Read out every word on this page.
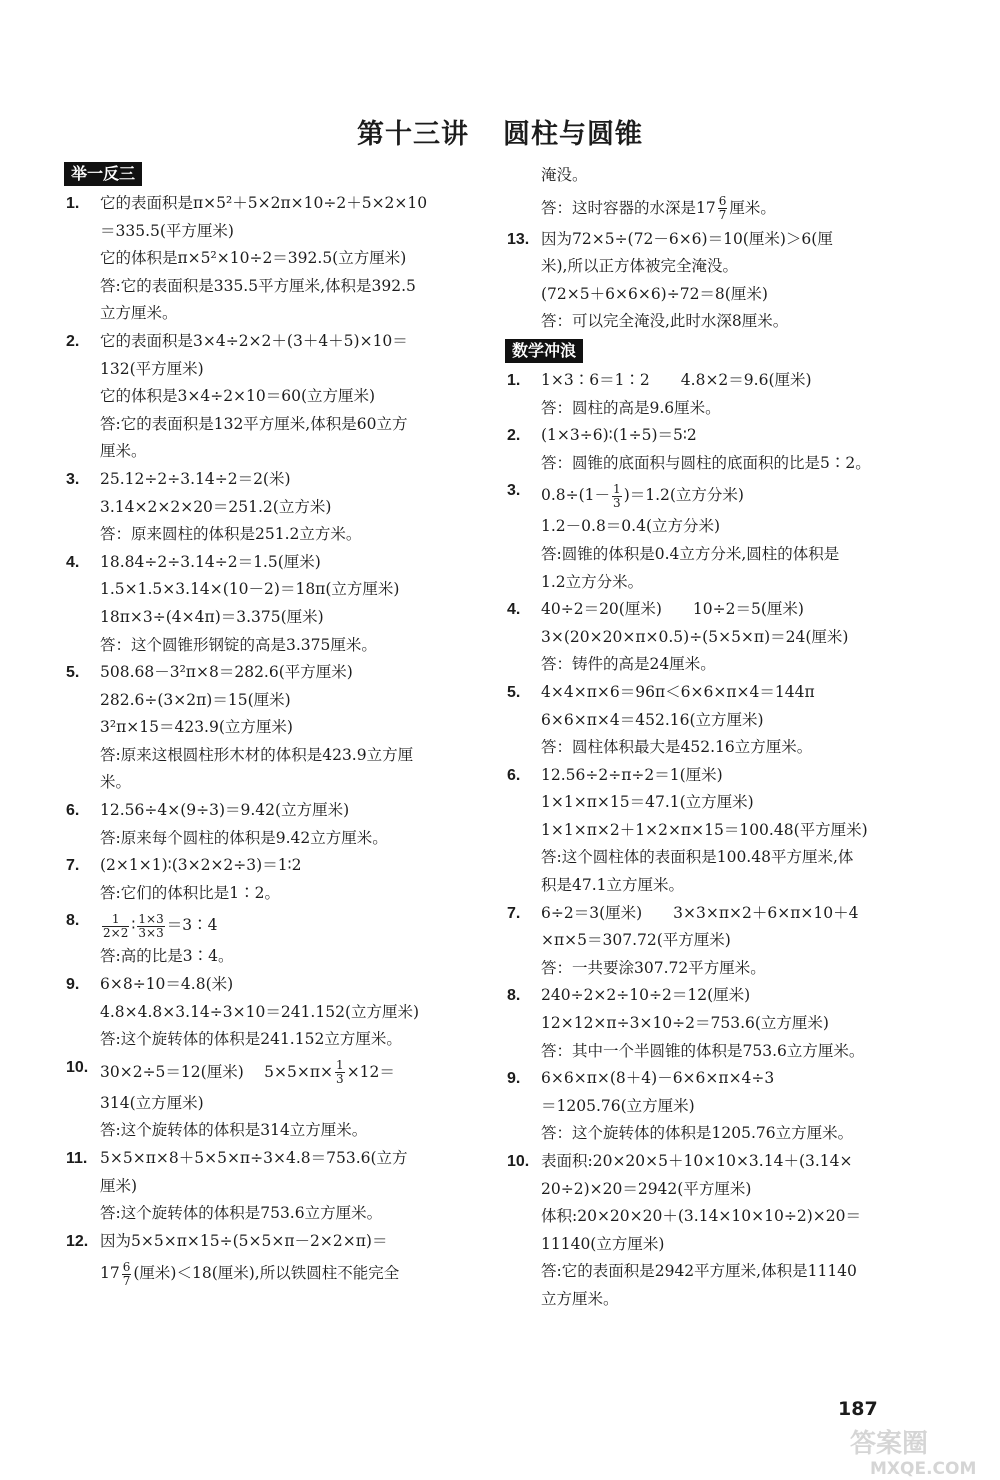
第十三讲 圆柱与圆锥
举一反三
1. 它的表面积是π×5²＋5×2π×10÷2＋5×2×10
＝335.5(平方厘米)
它的体积是π×5²×10÷2＝392.5(立方厘米)
答:它的表面积是335.5平方厘米,体积是392.5
立方厘米。
2. 它的表面积是3×4÷2×2＋(3＋4＋5)×10＝
132(平方厘米)
它的体积是3×4÷2×10＝60(立方厘米)
答:它的表面积是132平方厘米,体积是60立方
厘米。
3. 25.12÷2÷3.14÷2＝2(米)
3.14×2×2×20＝251.2(立方米)
答：原来圆柱的体积是251.2立方米。
4. 18.84÷2÷3.14÷2＝1.5(厘米)
1.5×1.5×3.14×(10－2)＝18π(立方厘米)
18π×3÷(4×4π)＝3.375(厘米)
答：这个圆锥形钢锭的高是3.375厘米。
5. 508.68－3²π×8＝282.6(平方厘米)
282.6÷(3×2π)＝15(厘米)
3²π×15＝423.9(立方厘米)
答:原来这根圆柱形木材的体积是423.9立方厘
米。
6. 12.56÷4×(9÷3)＝9.42(立方厘米)
答:原来每个圆柱的体积是9.42立方厘米。
7. (2×1×1)∶(3×2×2÷3)＝1∶2
答:它们的体积比是1∶2。
8. $\frac{1}{2\times 2}$ ∶ $\frac{1\times 3}{3\times 3}$ ＝3∶4
答:高的比是3∶4。
9. 6×8÷10＝4.8(米)
4.8×4.8×3.14÷3×10＝241.152(立方厘米)
答:这个旋转体的体积是241.152立方厘米。
10. 30×2÷5＝12(厘米)　 $5\times 5\times\pi\times \frac{1}{3} \times 12=$
314(立方厘米)
答:这个旋转体的体积是314立方厘米。
11. 5×5×π×8＋5×5×π÷3×4.8＝753.6(立方
厘米)
答:这个旋转体的体积是753.6立方厘米。
12. 因为5×5×π×15÷(5×5×π－2×2×π)＝
$17 \frac{6}{7}$ (厘米)＜18(厘米),所以铁圆柱不能完全
淹没。
答：这时容器的水深是$17 \frac{6}{7}$ 厘米。
13. 因为72×5÷(72－6×6)＝10(厘米)＞6(厘
米),所以正方体被完全淹没。
(72×5＋6×6×6)÷72＝8(厘米)
答：可以完全淹没,此时水深8厘米。
数学冲浪
1. 1×3∶6＝1∶2　　4.8×2＝9.6(厘米)
答：圆柱的高是9.6厘米。
2. (1×3÷6)∶(1÷5)＝5∶2
答：圆锥的底面积与圆柱的底面积的比是5∶2。
3. $0.8\div(1- \frac{1}{3} )=1.2$(立方分米)
1.2－0.8＝0.4(立方分米)
答:圆锥的体积是0.4立方分米,圆柱的体积是
1.2立方分米。
4. 40÷2＝20(厘米)　　10÷2＝5(厘米)
3×(20×20×π×0.5)÷(5×5×π)＝24(厘米)
答：铸件的高是24厘米。
5. 4×4×π×6＝96π＜6×6×π×4＝144π
6×6×π×4＝452.16(立方厘米)
答：圆柱体积最大是452.16立方厘米。
6. 12.56÷2÷π÷2＝1(厘米)
1×1×π×15＝47.1(立方厘米)
1×1×π×2＋1×2×π×15＝100.48(平方厘米)
答:这个圆柱体的表面积是100.48平方厘米,体
积是47.1立方厘米。
7. 6÷2＝3(厘米)　　3×3×π×2＋6×π×10＋4
×π×5＝307.72(平方厘米)
答：一共要涂307.72平方厘米。
8. 240÷2×2÷10÷2＝12(厘米)
12×12×π÷3×10÷2＝753.6(立方厘米)
答：其中一个半圆锥的体积是753.6立方厘米。
9. 6×6×π×(8＋4)－6×6×π×4÷3
＝1205.76(立方厘米)
答：这个旋转体的体积是1205.76立方厘米。
10. 表面积:20×20×5＋10×10×3.14＋(3.14×
20÷2)×20＝2942(平方厘米)
体积:20×20×20＋(3.14×10×10÷2)×20＝
11140(立方厘米)
答:它的表面积是2942平方厘米,体积是11140
立方厘米。
187
答案圈
MXQE.COM
